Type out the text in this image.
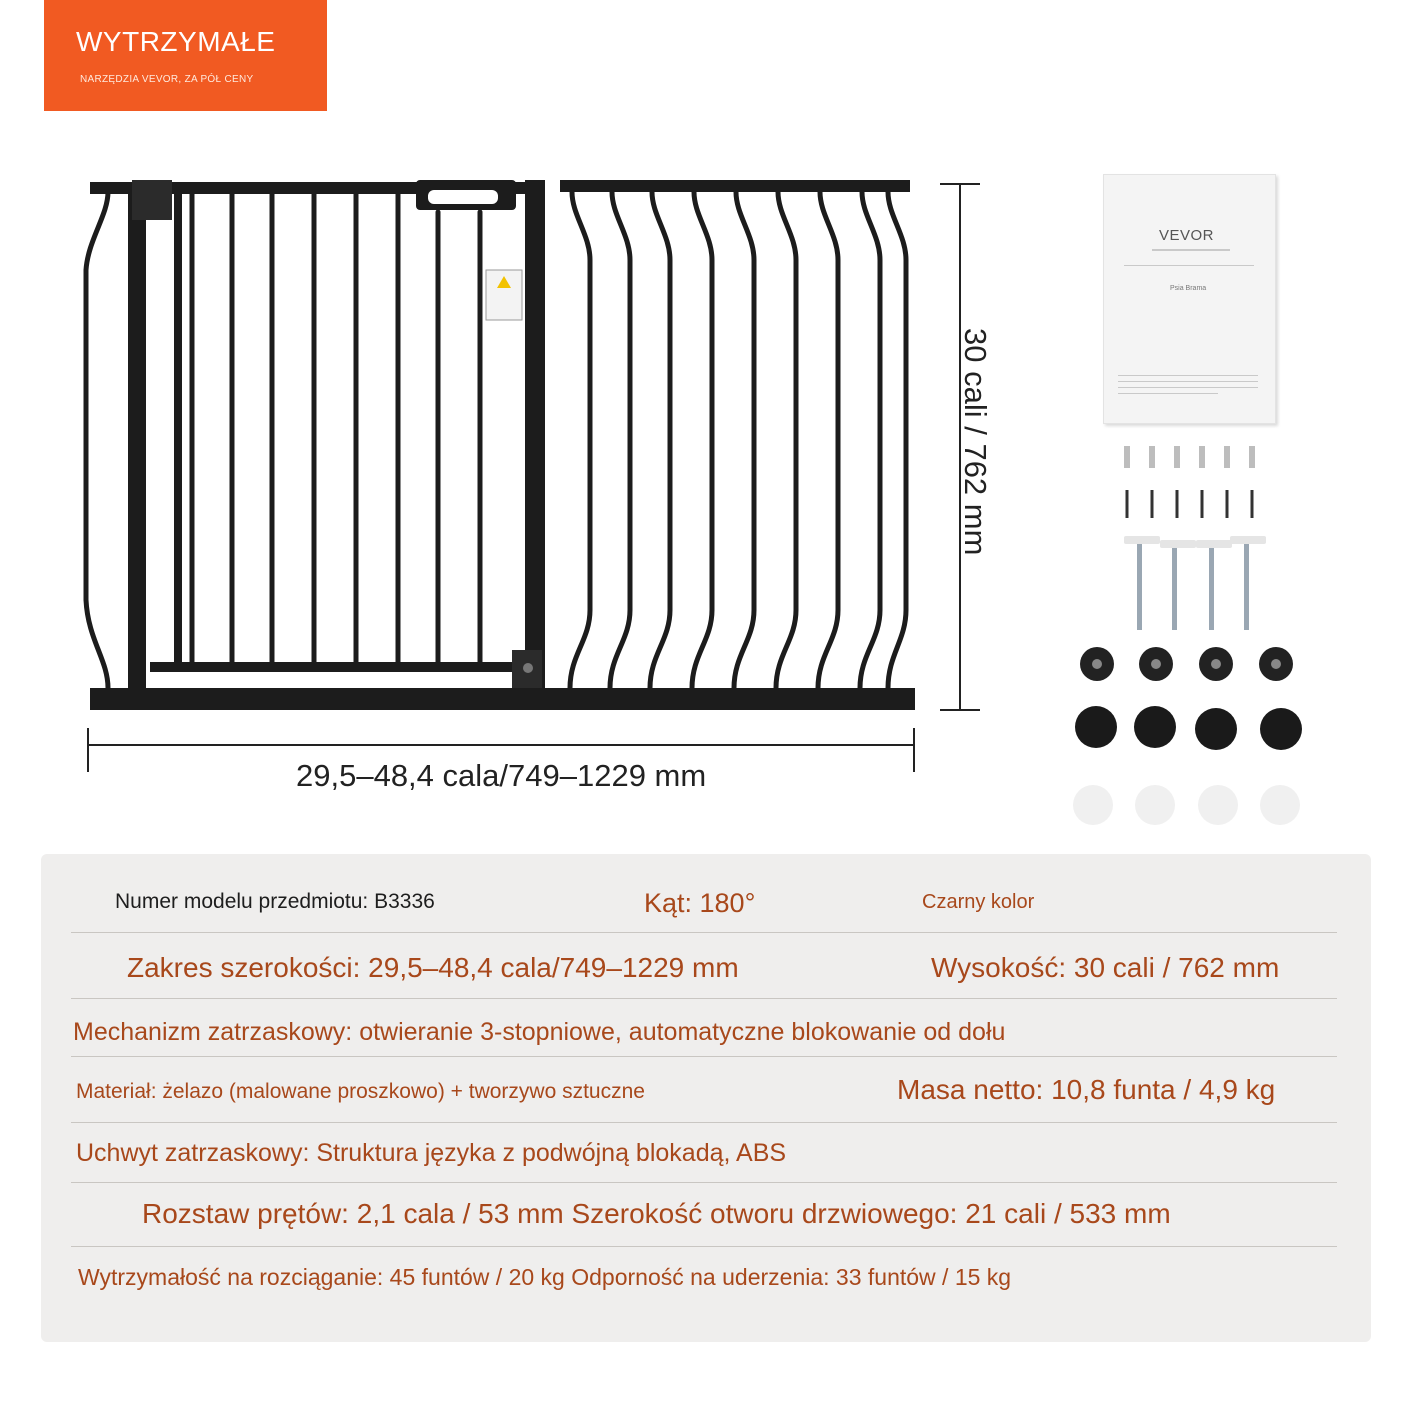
WYTRZYMAŁE
NARZĘDZIA VEVOR, ZA PÓŁ CENY
29,5–48,4 cala/749–1229 mm
30 cali / 762 mm
VEVOR
Psia Brama
Numer modelu przedmiotu: B3336	Kąt: 180°	Czarny kolor
Zakres szerokości: 29,5–48,4 cala/749–1229 mm	Wysokość: 30 cali / 762 mm
Mechanizm zatrzaskowy: otwieranie 3-stopniowe, automatyczne blokowanie od dołu
Materiał: żelazo (malowane proszkowo) + tworzywo sztuczne	Masa netto: 10,8 funta / 4,9 kg
Uchwyt zatrzaskowy: Struktura języka z podwójną blokadą, ABS
Rozstaw prętów: 2,1 cala / 53 mm Szerokość otworu drzwiowego: 21 cali / 533 mm
Wytrzymałość na rozciąganie: 45 funtów / 20 kg Odporność na uderzenia: 33 funtów / 15 kg
